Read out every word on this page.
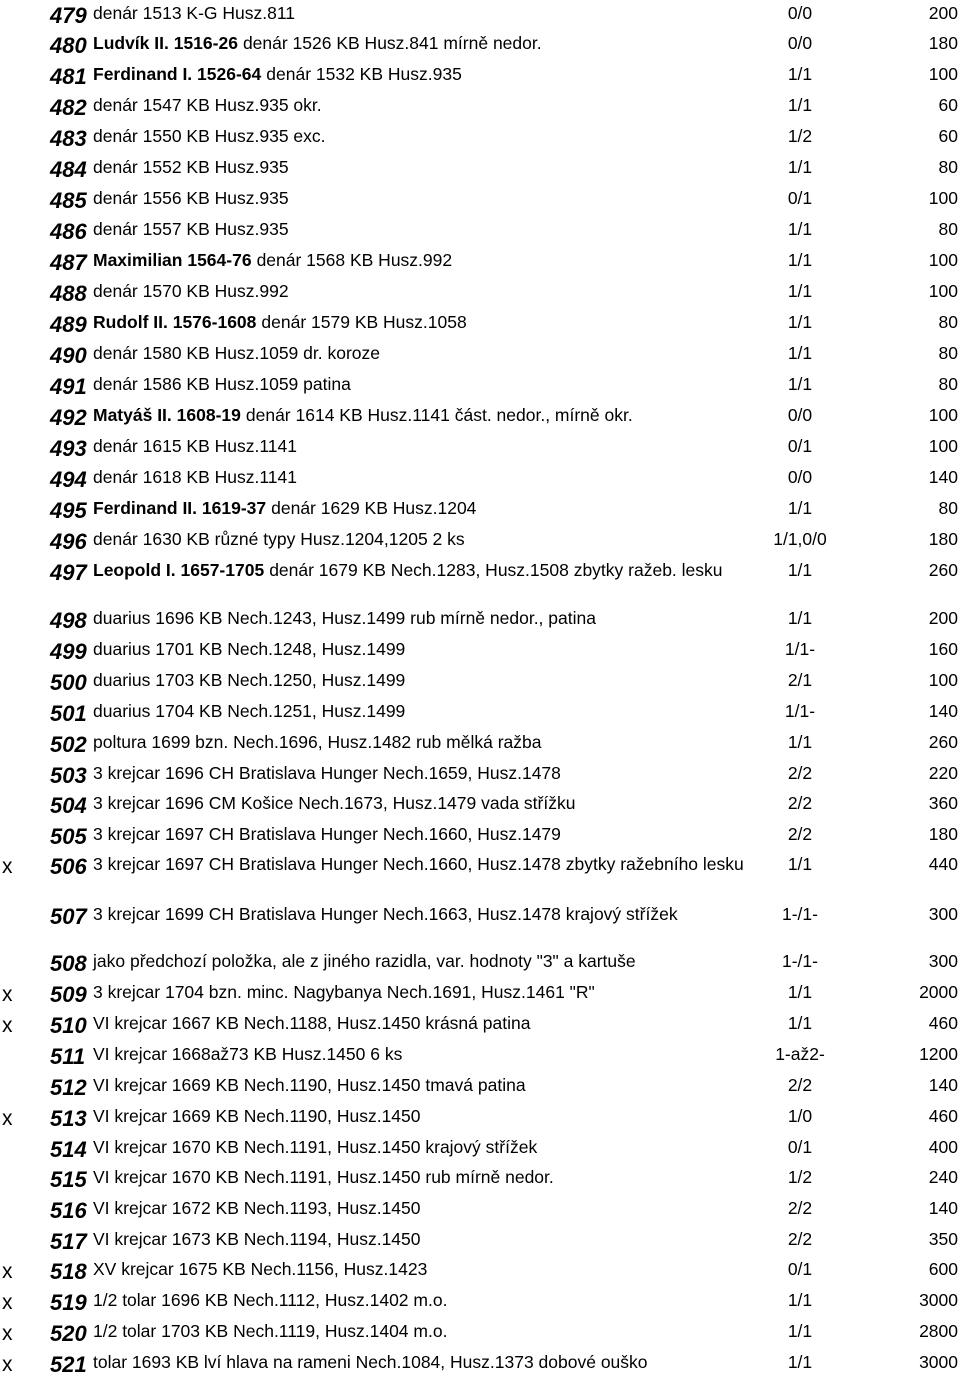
479 denár 1513 K-G Husz.811	0/0	200
480 Ludvík II. 1516-26 denár 1526 KB Husz.841 mírně nedor.	0/0	180
481 Ferdinand I. 1526-64 denár 1532 KB Husz.935	1/1	100
482 denár 1547 KB Husz.935 okr.	1/1	60
483 denár 1550 KB Husz.935 exc.	1/2	60
484 denár 1552 KB Husz.935	1/1	80
485 denár 1556 KB Husz.935	0/1	100
486 denár 1557 KB Husz.935	1/1	80
487 Maximilian 1564-76 denár 1568 KB Husz.992	1/1	100
488 denár 1570 KB Husz.992	1/1	100
489 Rudolf II. 1576-1608 denár 1579 KB Husz.1058	1/1	80
490 denár 1580 KB Husz.1059 dr. koroze	1/1	80
491 denár 1586 KB Husz.1059 patina	1/1	80
492 Matyáš II. 1608-19 denár 1614 KB Husz.1141 část. nedor., mírně okr.	0/0	100
493 denár 1615 KB Husz.1141	0/1	100
494 denár 1618 KB Husz.1141	0/0	140
495 Ferdinand II. 1619-37 denár 1629 KB Husz.1204	1/1	80
496 denár 1630 KB různé typy Husz.1204,1205 2 ks	1/1,0/0	180
497 Leopold I. 1657-1705 denár 1679 KB Nech.1283, Husz.1508 zbytky ražeb. lesku	1/1	260
498 duarius 1696 KB Nech.1243, Husz.1499 rub mírně nedor., patina	1/1	200
499 duarius 1701 KB Nech.1248, Husz.1499	1/1-	160
500 duarius 1703 KB Nech.1250, Husz.1499	2/1	100
501 duarius 1704 KB Nech.1251, Husz.1499	1/1-	140
502 poltura 1699 bzn. Nech.1696, Husz.1482 rub mělká ražba	1/1	260
503 3 krejcar 1696 CH Bratislava Hunger Nech.1659, Husz.1478	2/2	220
504 3 krejcar 1696 CM Košice Nech.1673, Husz.1479 vada střížku	2/2	360
505 3 krejcar 1697 CH Bratislava Hunger Nech.1660, Husz.1479	2/2	180
x 506 3 krejcar 1697 CH Bratislava Hunger Nech.1660, Husz.1478 zbytky ražebního lesku	1/1	440
507 3 krejcar 1699 CH Bratislava Hunger Nech.1663, Husz.1478 krajový střížek	1-/1-	300
508 jako předchozí položka, ale z jiného razidla, var. hodnoty "3" a kartuše	1-/1-	300
x 509 3 krejcar 1704 bzn. minc. Nagybanya Nech.1691, Husz.1461 "R"	1/1	2000
x 510 VI krejcar 1667 KB Nech.1188, Husz.1450 krásná patina	1/1	460
511 VI krejcar 1668až73 KB Husz.1450 6 ks	1-až2-	1200
512 VI krejcar 1669 KB Nech.1190, Husz.1450 tmavá patina	2/2	140
x 513 VI krejcar 1669 KB Nech.1190, Husz.1450	1/0	460
514 VI krejcar 1670 KB Nech.1191, Husz.1450 krajový střížek	0/1	400
515 VI krejcar 1670 KB Nech.1191, Husz.1450 rub mírně nedor.	1/2	240
516 VI krejcar 1672 KB Nech.1193, Husz.1450	2/2	140
517 VI krejcar 1673 KB Nech.1194, Husz.1450	2/2	350
x 518 XV krejcar 1675 KB Nech.1156, Husz.1423	0/1	600
x 519 1/2 tolar 1696 KB Nech.1112, Husz.1402 m.o.	1/1	3000
x 520 1/2 tolar 1703 KB Nech.1119, Husz.1404 m.o.	1/1	2800
x 521 tolar 1693 KB lví hlava na rameni Nech.1084, Husz.1373 dobové ouško	1/1	3000
